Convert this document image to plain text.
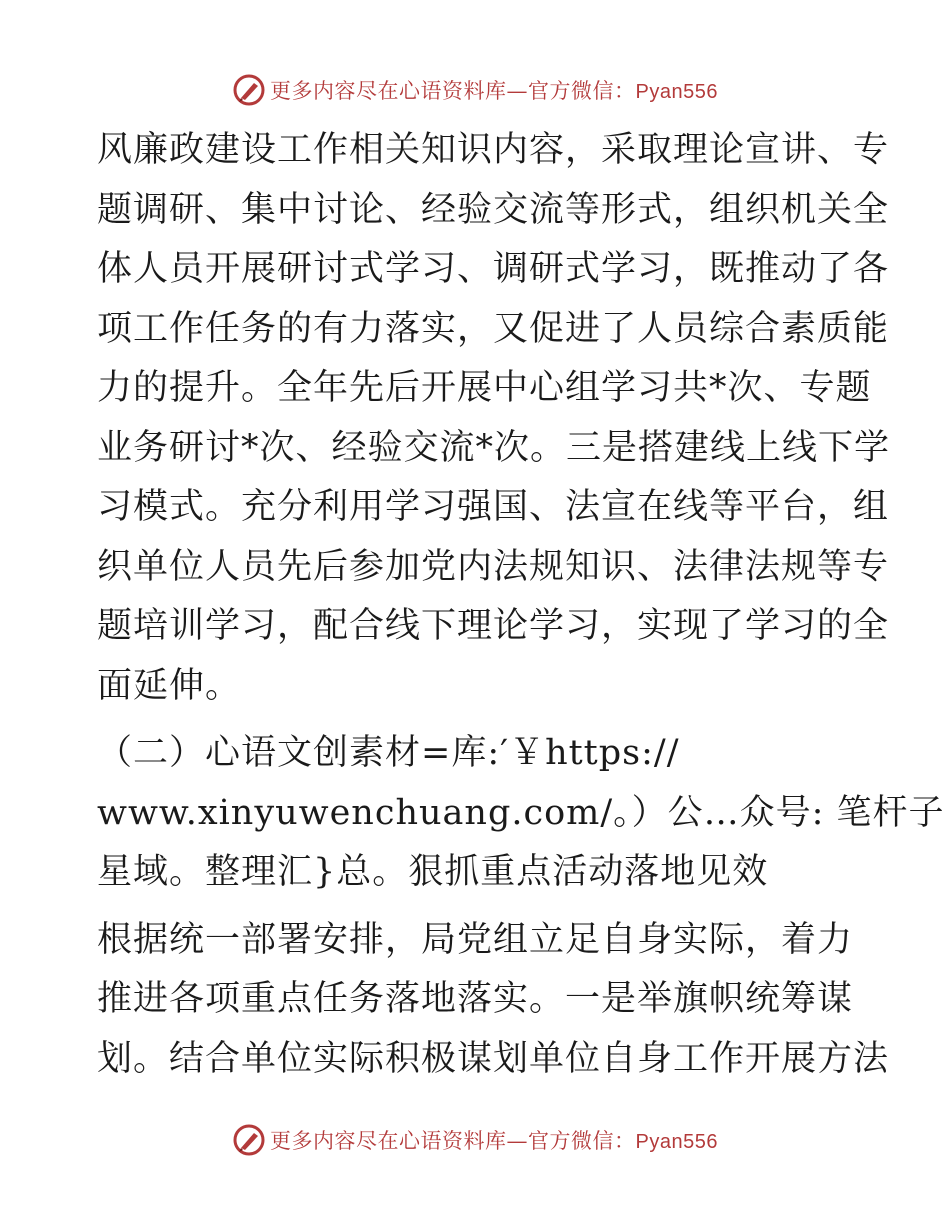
更多内容尽在心语资料库—官方微信：Pyan556
风廉政建设工作相关知识内容，采取理论宣讲、专
题调研、集中讨论、经验交流等形式，组织机关全
体人员开展研讨式学习、调研式学习，既推动了各
项工作任务的有力落实，又促进了人员综合素质能
力的提升。全年先后开展中心组学习共*次、专题
业务研讨*次、经验交流*次。三是搭建线上线下学
习模式。充分利用学习强国、法宣在线等平台，组
织单位人员先后参加党内法规知识、法律法规等专
题培训学习，配合线下理论学习，实现了学习的全
面延伸。
（二）心语文创素材=库:′￥https://
www.xinyuwenchuang.com/。）公…众号: 笔杆子
星域。整理汇}总。狠抓重点活动落地见效
根据统一部署安排，局党组立足自身实际，着力
推进各项重点任务落地落实。一是举旗帜统筹谋
划。结合单位实际积极谋划单位自身工作开展方法
更多内容尽在心语资料库—官方微信：Pyan556
